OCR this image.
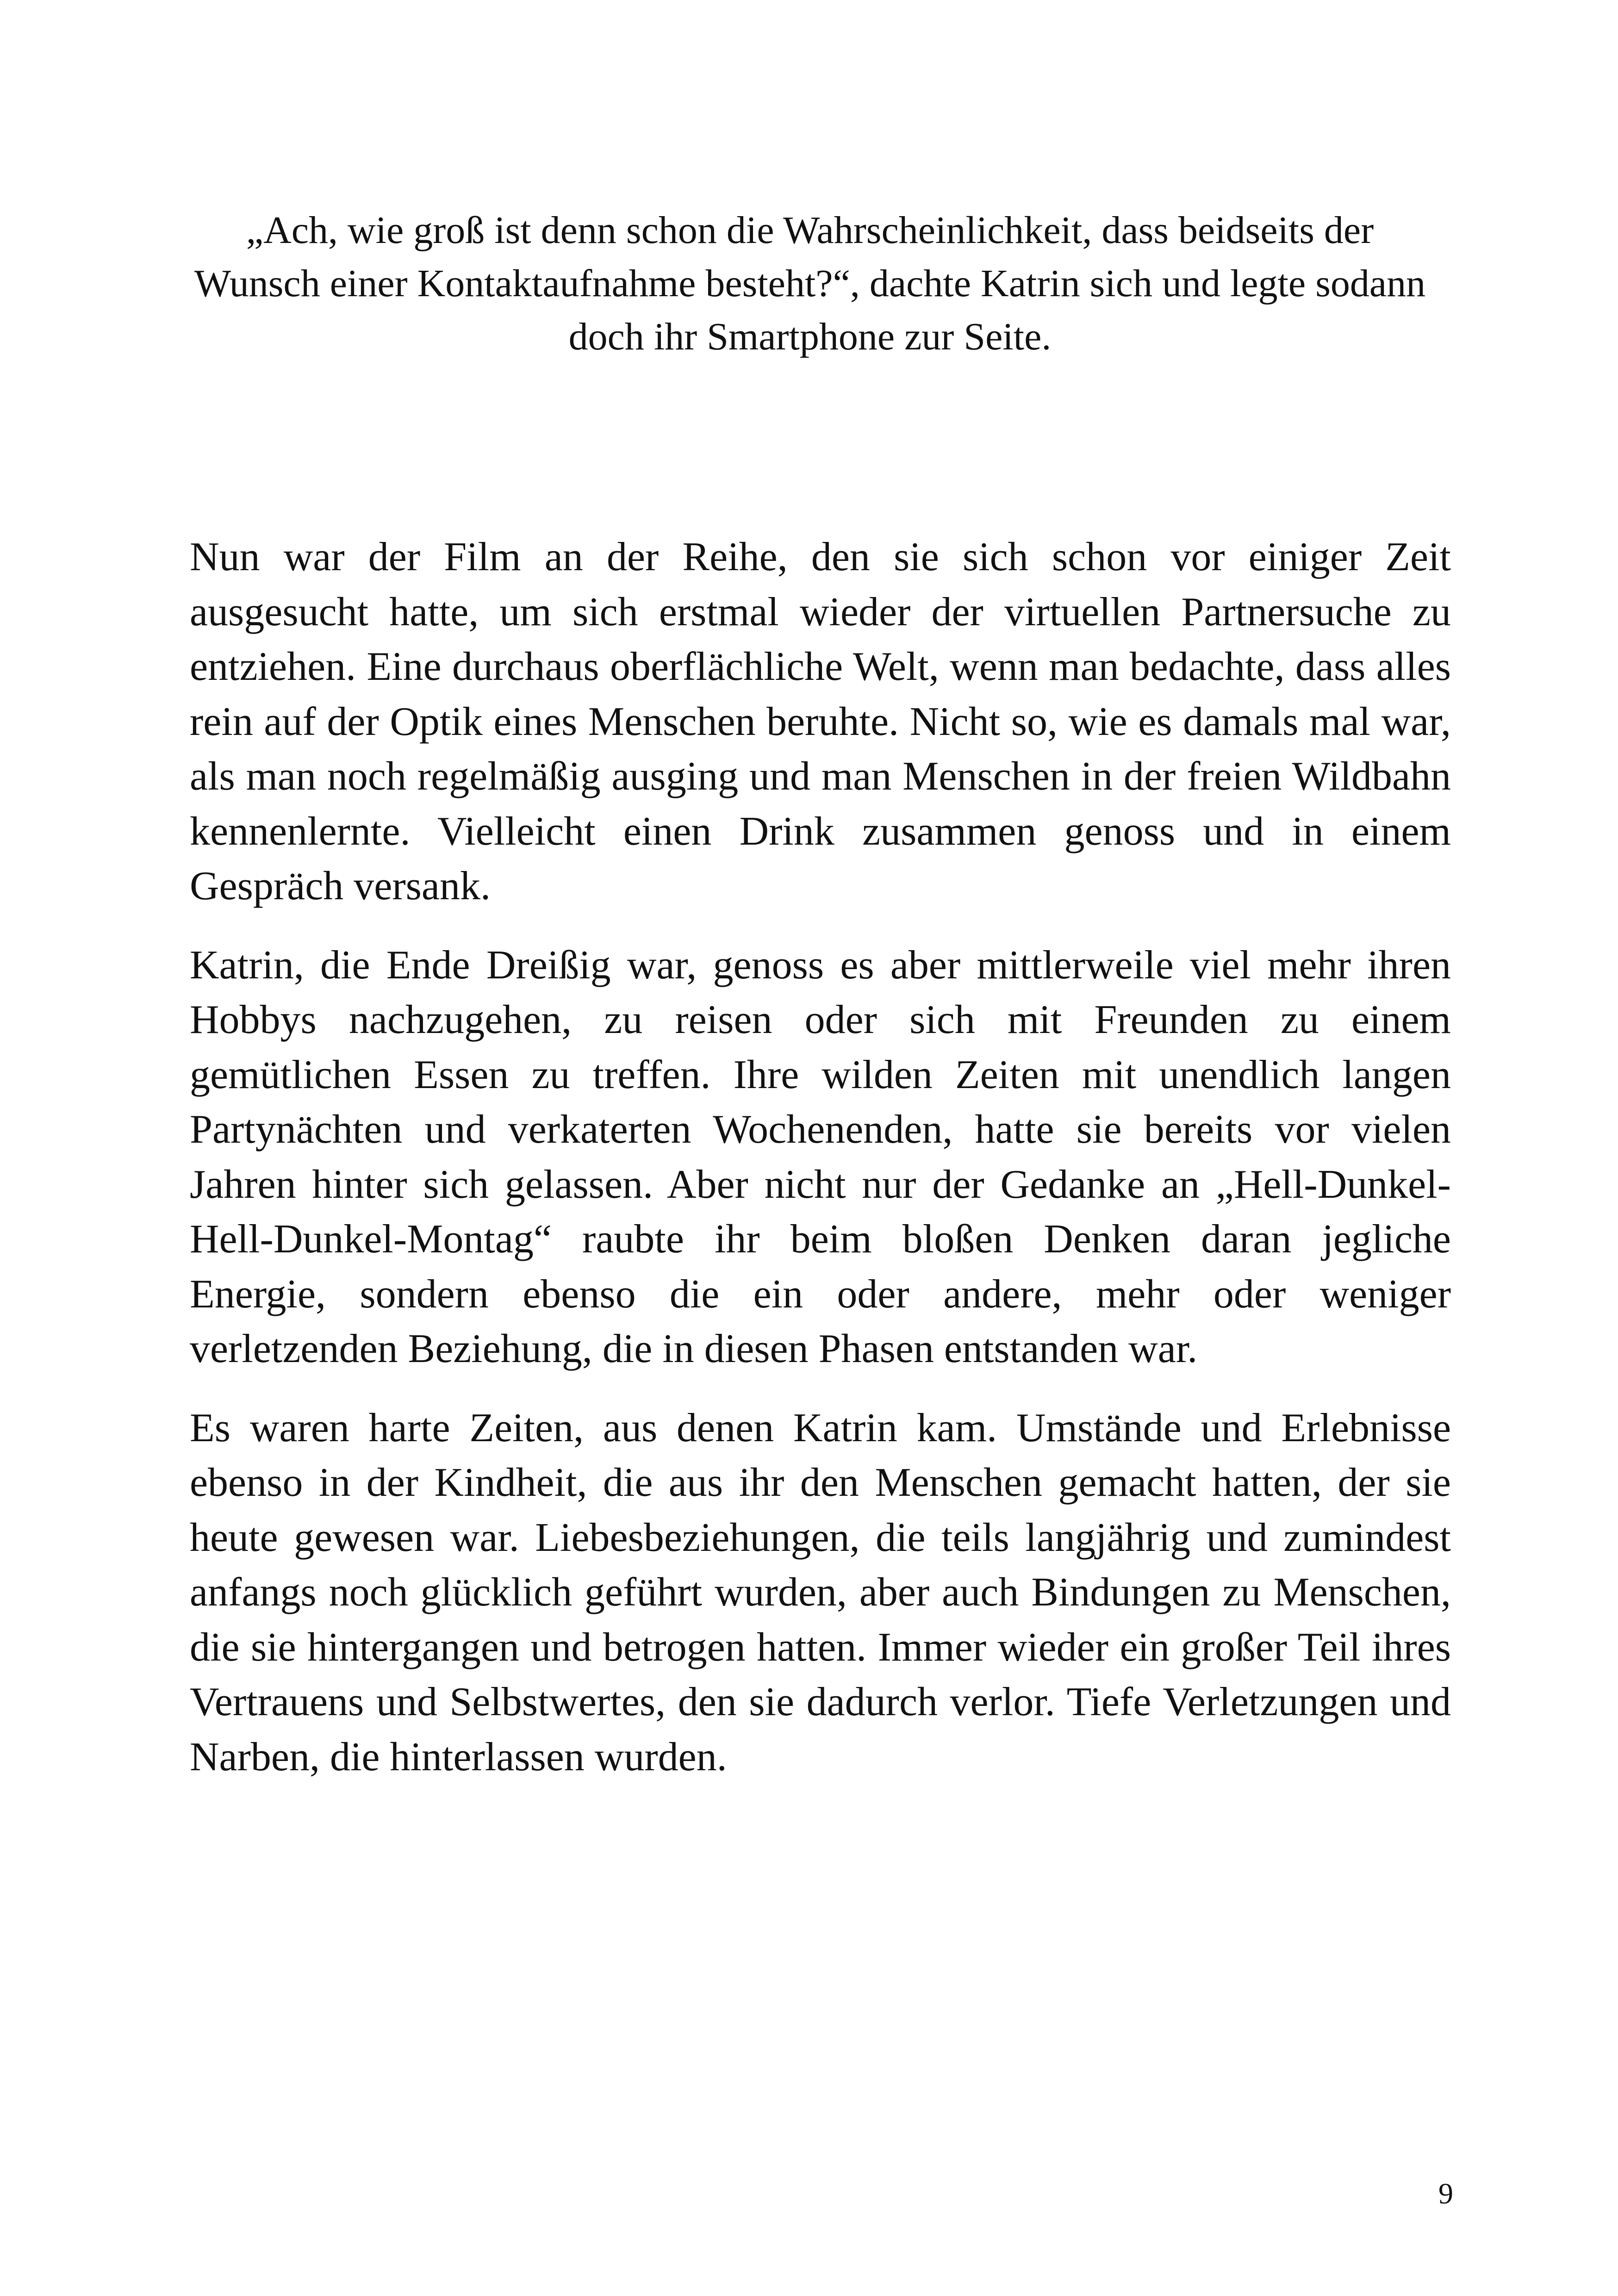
„Ach, wie groß ist denn schon die Wahrscheinlichkeit, dass beidseits der Wunsch einer Kontaktaufnahme besteht?“, dachte Katrin sich und legte sodann doch ihr Smartphone zur Seite.

Nun war der Film an der Reihe, den sie sich schon vor einiger Zeit ausgesucht hatte, um sich erstmal wieder der virtuellen Partnersuche zu entziehen. Eine durchaus oberflächliche Welt, wenn man bedachte, dass alles rein auf der Optik eines Menschen beruhte. Nicht so, wie es damals mal war, als man noch regelmäßig ausging und man Menschen in der freien Wildbahn kennenlernte. Vielleicht einen Drink zusammen genoss und in einem Gespräch versank.

Katrin, die Ende Dreißig war, genoss es aber mittlerweile viel mehr ihren Hobbys nachzugehen, zu reisen oder sich mit Freunden zu einem gemütlichen Essen zu treffen. Ihre wilden Zeiten mit unendlich langen Partynächten und verkaterten Wochenenden, hatte sie bereits vor vielen Jahren hinter sich gelassen. Aber nicht nur der Gedanke an „Hell-Dunkel-Hell-Dunkel-Montag“ raubte ihr beim bloßen Denken daran jegliche Energie, sondern ebenso die ein oder andere, mehr oder weniger verletzenden Beziehung, die in diesen Phasen entstanden war.

Es waren harte Zeiten, aus denen Katrin kam. Umstände und Erlebnisse ebenso in der Kindheit, die aus ihr den Menschen gemacht hatten, der sie heute gewesen war. Liebesbeziehungen, die teils langjährig und zumindest anfangs noch glücklich geführt wurden, aber auch Bindungen zu Menschen, die sie hintergangen und betrogen hatten. Immer wieder ein großer Teil ihres Vertrauens und Selbstwertes, den sie dadurch verlor. Tiefe Verletzungen und Narben, die hinterlassen wurden.

9
